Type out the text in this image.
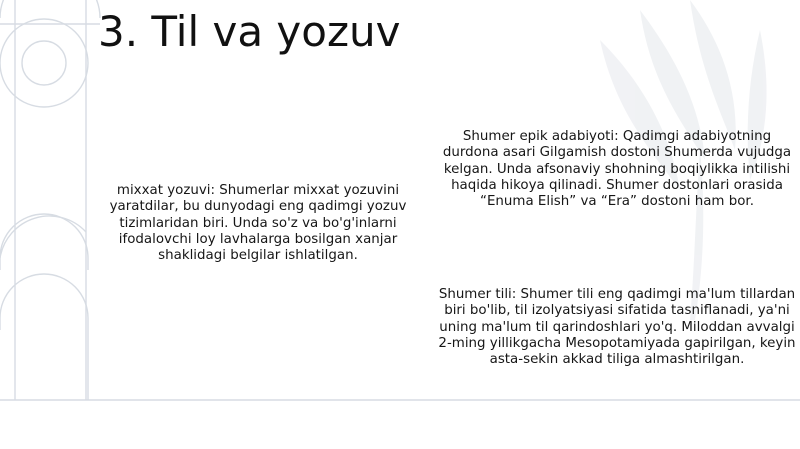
3. Til va yozuv
mixxat yozuvi: Shumerlar mixxat yozuvini yaratdilar, bu dunyodagi eng qadimgi yozuv tizimlaridan biri. Unda so'z va bo'g'inlarni ifodalovchi loy lavhalarga bosilgan xanjar shaklidagi belgilar ishlatilgan.
Shumer epik adabiyoti: Qadimgi adabiyotning durdona asari Gilgamish dostoni Shumerda vujudga kelgan. Unda afsonaviy shohning boqiylikka intilishi haqida hikoya qilinadi. Shumer dostonlari orasida “Enuma Elish” va “Era” dostoni ham bor.
Shumer tili: Shumer tili eng qadimgi ma'lum tillardan biri bo'lib, til izolyatsiyasi sifatida tasniflanadi, ya'ni uning ma'lum til qarindoshlari yo'q. Miloddan avvalgi 2-ming yillikgacha Mesopotamiyada gapirilgan, keyin asta-sekin akkad tiliga almashtirilgan.
